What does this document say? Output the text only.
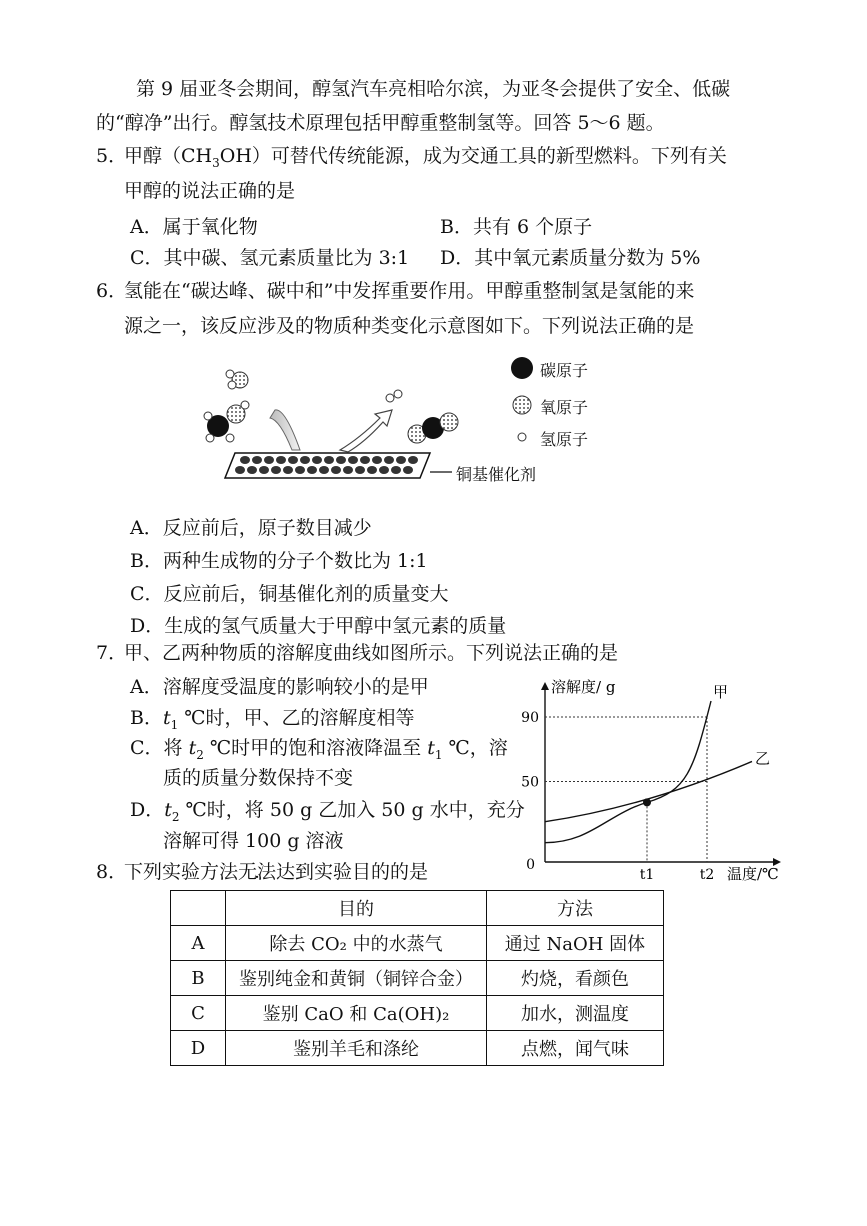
第 9 届亚冬会期间，醇氢汽车亮相哈尔滨，为亚冬会提供了安全、低碳的“醇净”出行。醇氢技术原理包括甲醇重整制氢等。回答 5～6 题。
5．
甲醇$(CH_3OH)$可替代传统能源，成为交通工具的新型燃料。下列有关
甲醇的说法正确的是
A．属于氧化物	B．共有 6 个原子
C．其中碳、氢元素质量比为 3:1 D．其中氧元素质量分数为 5%
6．
氢能在“碳达峰、碳中和”中发挥重要作用。甲醇重整制氢是氢能的来
源之一，该反应涉及的物质种类变化示意图如下。下列说法正确的是
碳原子
氧原子
氢原子
铜基催化剂
A．反应前后，原子数目减少
B．两种生成物的分子个数比为 1:1
C．反应前后，铜基催化剂的质量变大
D．生成的氢气质量大于甲醇中氢元素的质量
7．
甲、乙两种物质的溶解度曲线如图所示。下列说法正确的是
A．溶解度受温度的影响较小的是甲
B．$t_1$ ℃时，甲、乙的溶解度相等
C．将 $t_2$ ℃时甲的饱和溶液降温至 $t_1$ ℃，溶
质的质量分数保持不变
D．$t_2$ ℃时，将 50 g 乙加入 50 g 水中，充分
溶解可得 100 g 溶液
溶解度/ g
0
90
50
t1	t2 温度/℃
甲
乙
8．
下列实验方法无法达到实验目的的是
	目的	方法
A	除去 CO₂ 中的水蒸气	通过 NaOH 固体
B	鉴别纯金和黄铜（铜锌合金）	灼烧，看颜色
C	鉴别 CaO 和 Ca(OH)₂	加水，测温度
D	鉴别羊毛和涤纶	点燃，闻气味
